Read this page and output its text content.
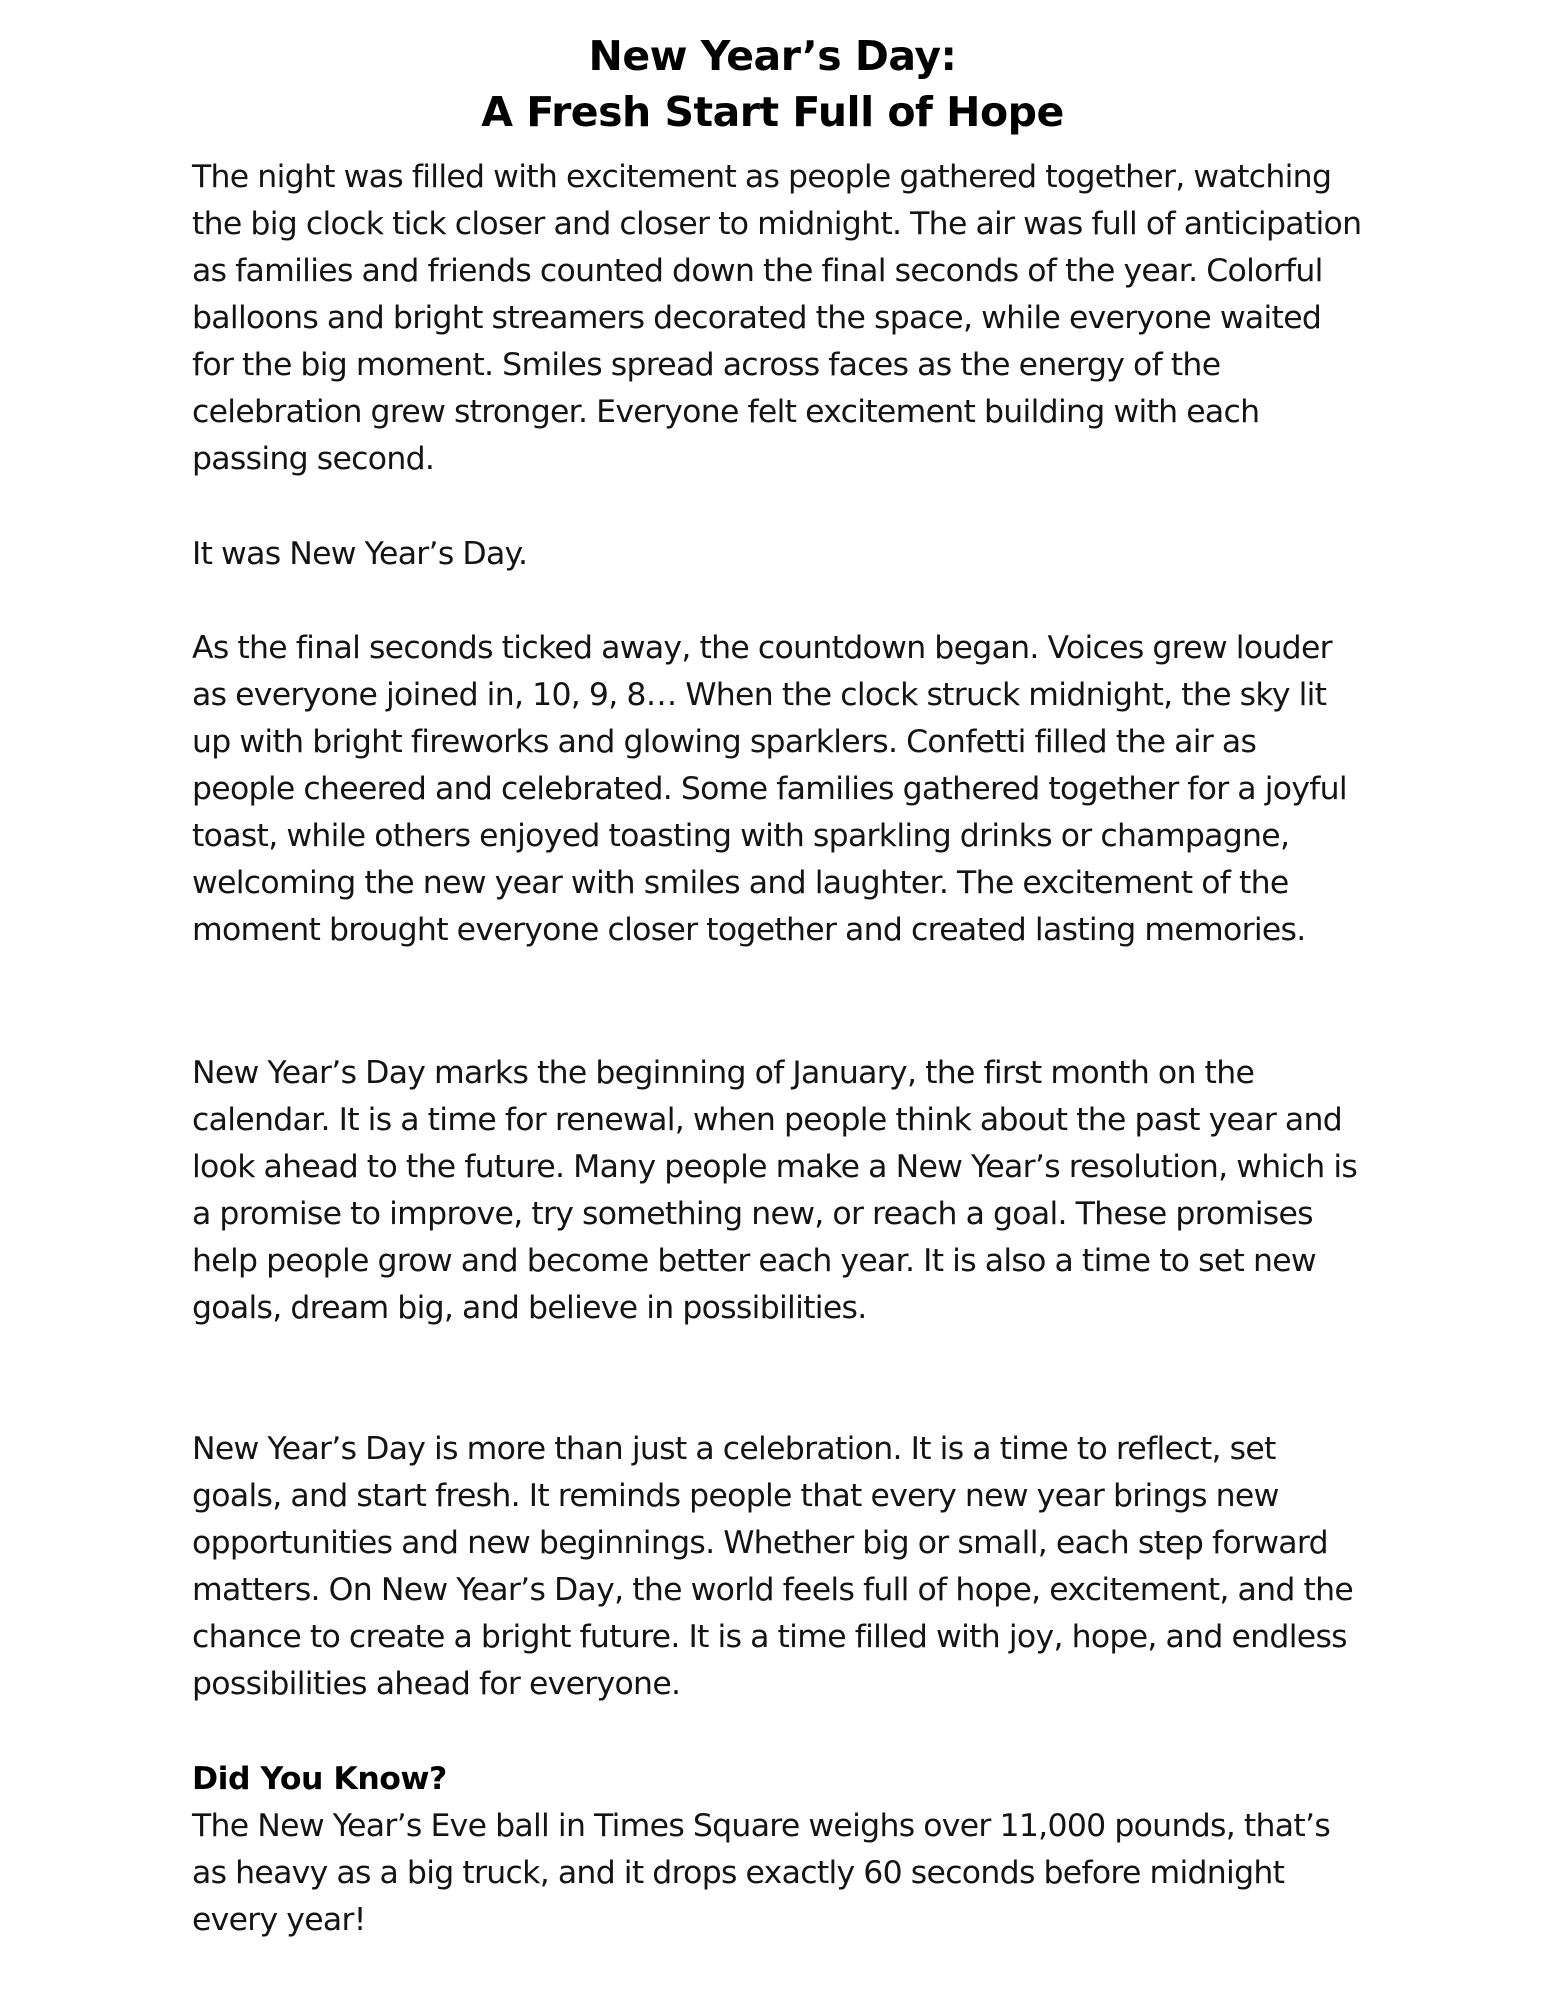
New Year’s Day:
A Fresh Start Full of Hope

The night was filled with excitement as people gathered together, watching the big clock tick closer and closer to midnight. The air was full of anticipation as families and friends counted down the final seconds of the year. Colorful balloons and bright streamers decorated the space, while everyone waited for the big moment. Smiles spread across faces as the energy of the celebration grew stronger. Everyone felt excitement building with each passing second.

It was New Year’s Day.

As the final seconds ticked away, the countdown began. Voices grew louder as everyone joined in, 10, 9, 8… When the clock struck midnight, the sky lit up with bright fireworks and glowing sparklers. Confetti filled the air as people cheered and celebrated. Some families gathered together for a joyful toast, while others enjoyed toasting with sparkling drinks or champagne, welcoming the new year with smiles and laughter. The excitement of the moment brought everyone closer together and created lasting memories.

New Year’s Day marks the beginning of January, the first month on the calendar. It is a time for renewal, when people think about the past year and look ahead to the future. Many people make a New Year’s resolution, which is a promise to improve, try something new, or reach a goal. These promises help people grow and become better each year. It is also a time to set new goals, dream big, and believe in possibilities.

New Year’s Day is more than just a celebration. It is a time to reflect, set goals, and start fresh. It reminds people that every new year brings new opportunities and new beginnings. Whether big or small, each step forward matters. On New Year’s Day, the world feels full of hope, excitement, and the chance to create a bright future. It is a time filled with joy, hope, and endless possibilities ahead for everyone.

Did You Know?

The New Year’s Eve ball in Times Square weighs over 11,000 pounds, that’s as heavy as a big truck, and it drops exactly 60 seconds before midnight every year!
